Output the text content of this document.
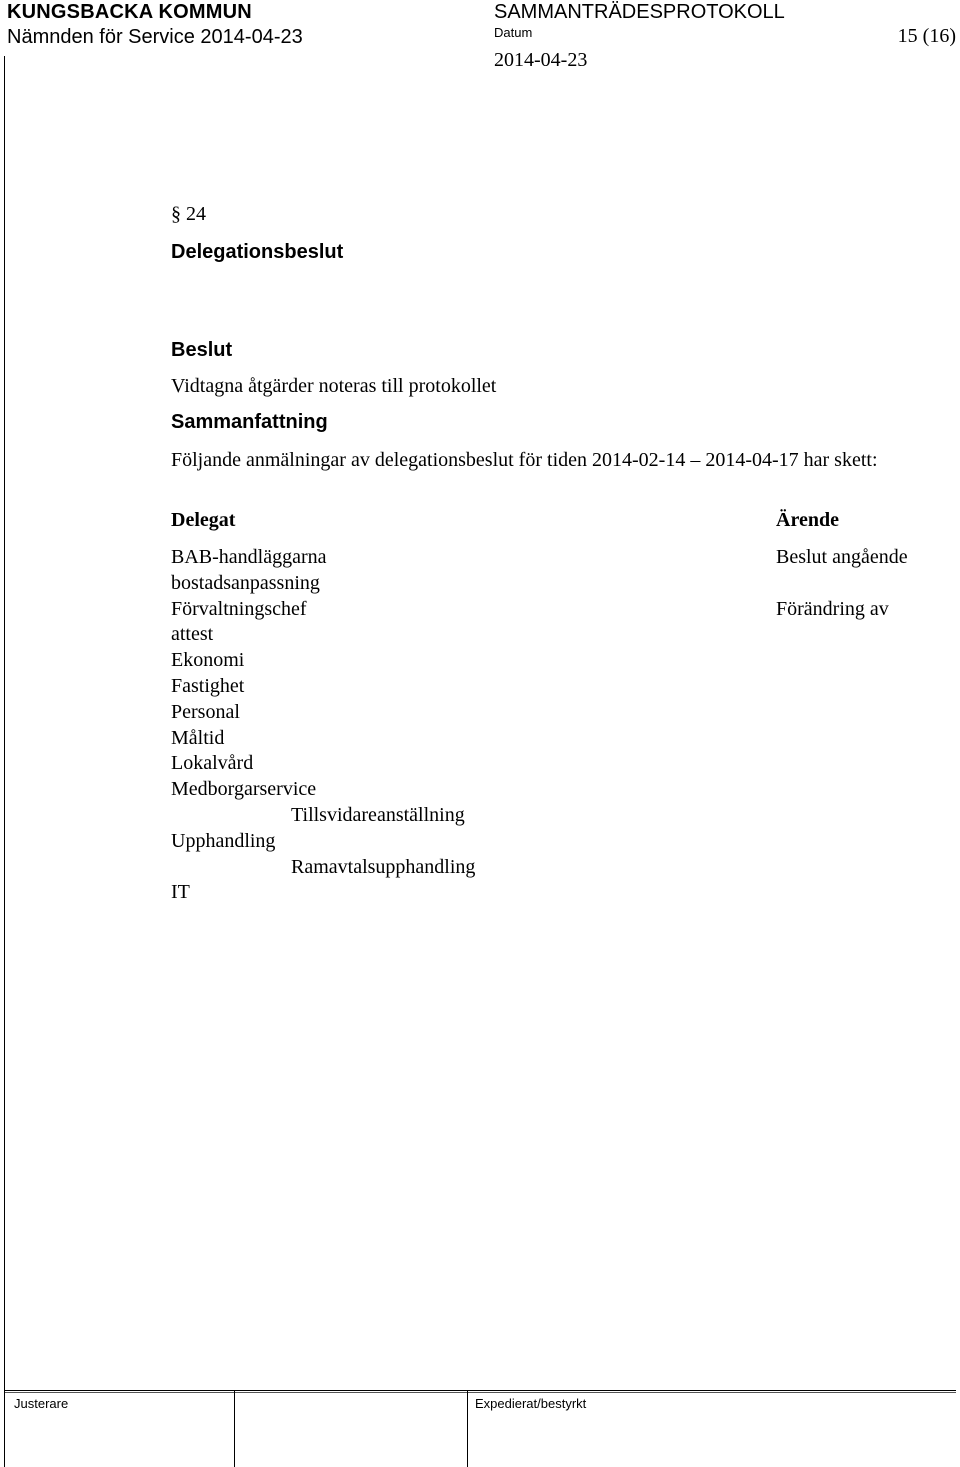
KUNGSBACKA KOMMUN
Nämnden för Service 2014-04-23
SAMMANTRÄDESPROTOKOLL
Datum
2014-04-23
15 (16)
§ 24
Delegationsbeslut
Beslut
Vidtagna åtgärder noteras till protokollet
Sammanfattning
Följande anmälningar av delegationsbeslut för tiden 2014-02-14 – 2014-04-17 har skett:
Delegat	Ärende
BAB-handläggarna
bostadsanpassning
Förvaltningschef
attest
Ekonomi
Fastighet
Personal
Måltid
Lokalvård
Medborgarservice
Tillsvidareanställning
Upphandling
Ramavtalsupphandling
IT
Beslut angående
Förändring av
Justerare	Expedierat/bestyrkt
